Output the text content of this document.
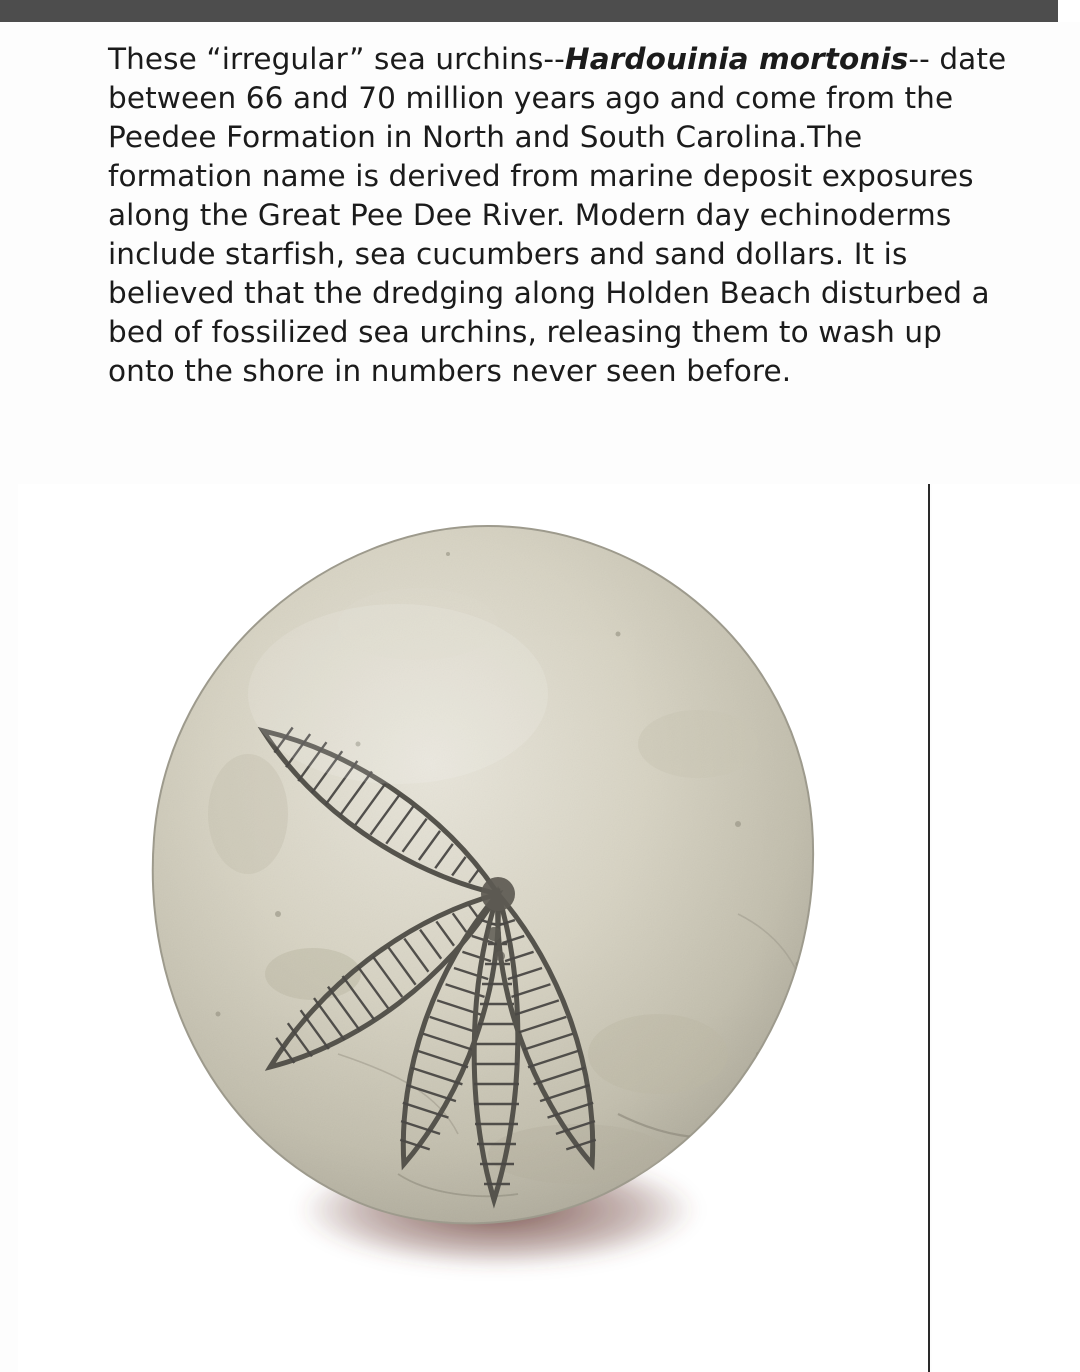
These “irregular” sea urchins--Hardouinia mortonis-- date between 66 and 70 million years ago and come from the Peedee Formation in North and South Carolina.The formation name is derived from marine deposit exposures along the Great Pee Dee River. Modern day echinoderms include starfish, sea cucumbers and sand dollars. It is believed that the dredging along Holden Beach disturbed a bed of fossilized sea urchins, releasing them to wash up onto the shore in numbers never seen before.
